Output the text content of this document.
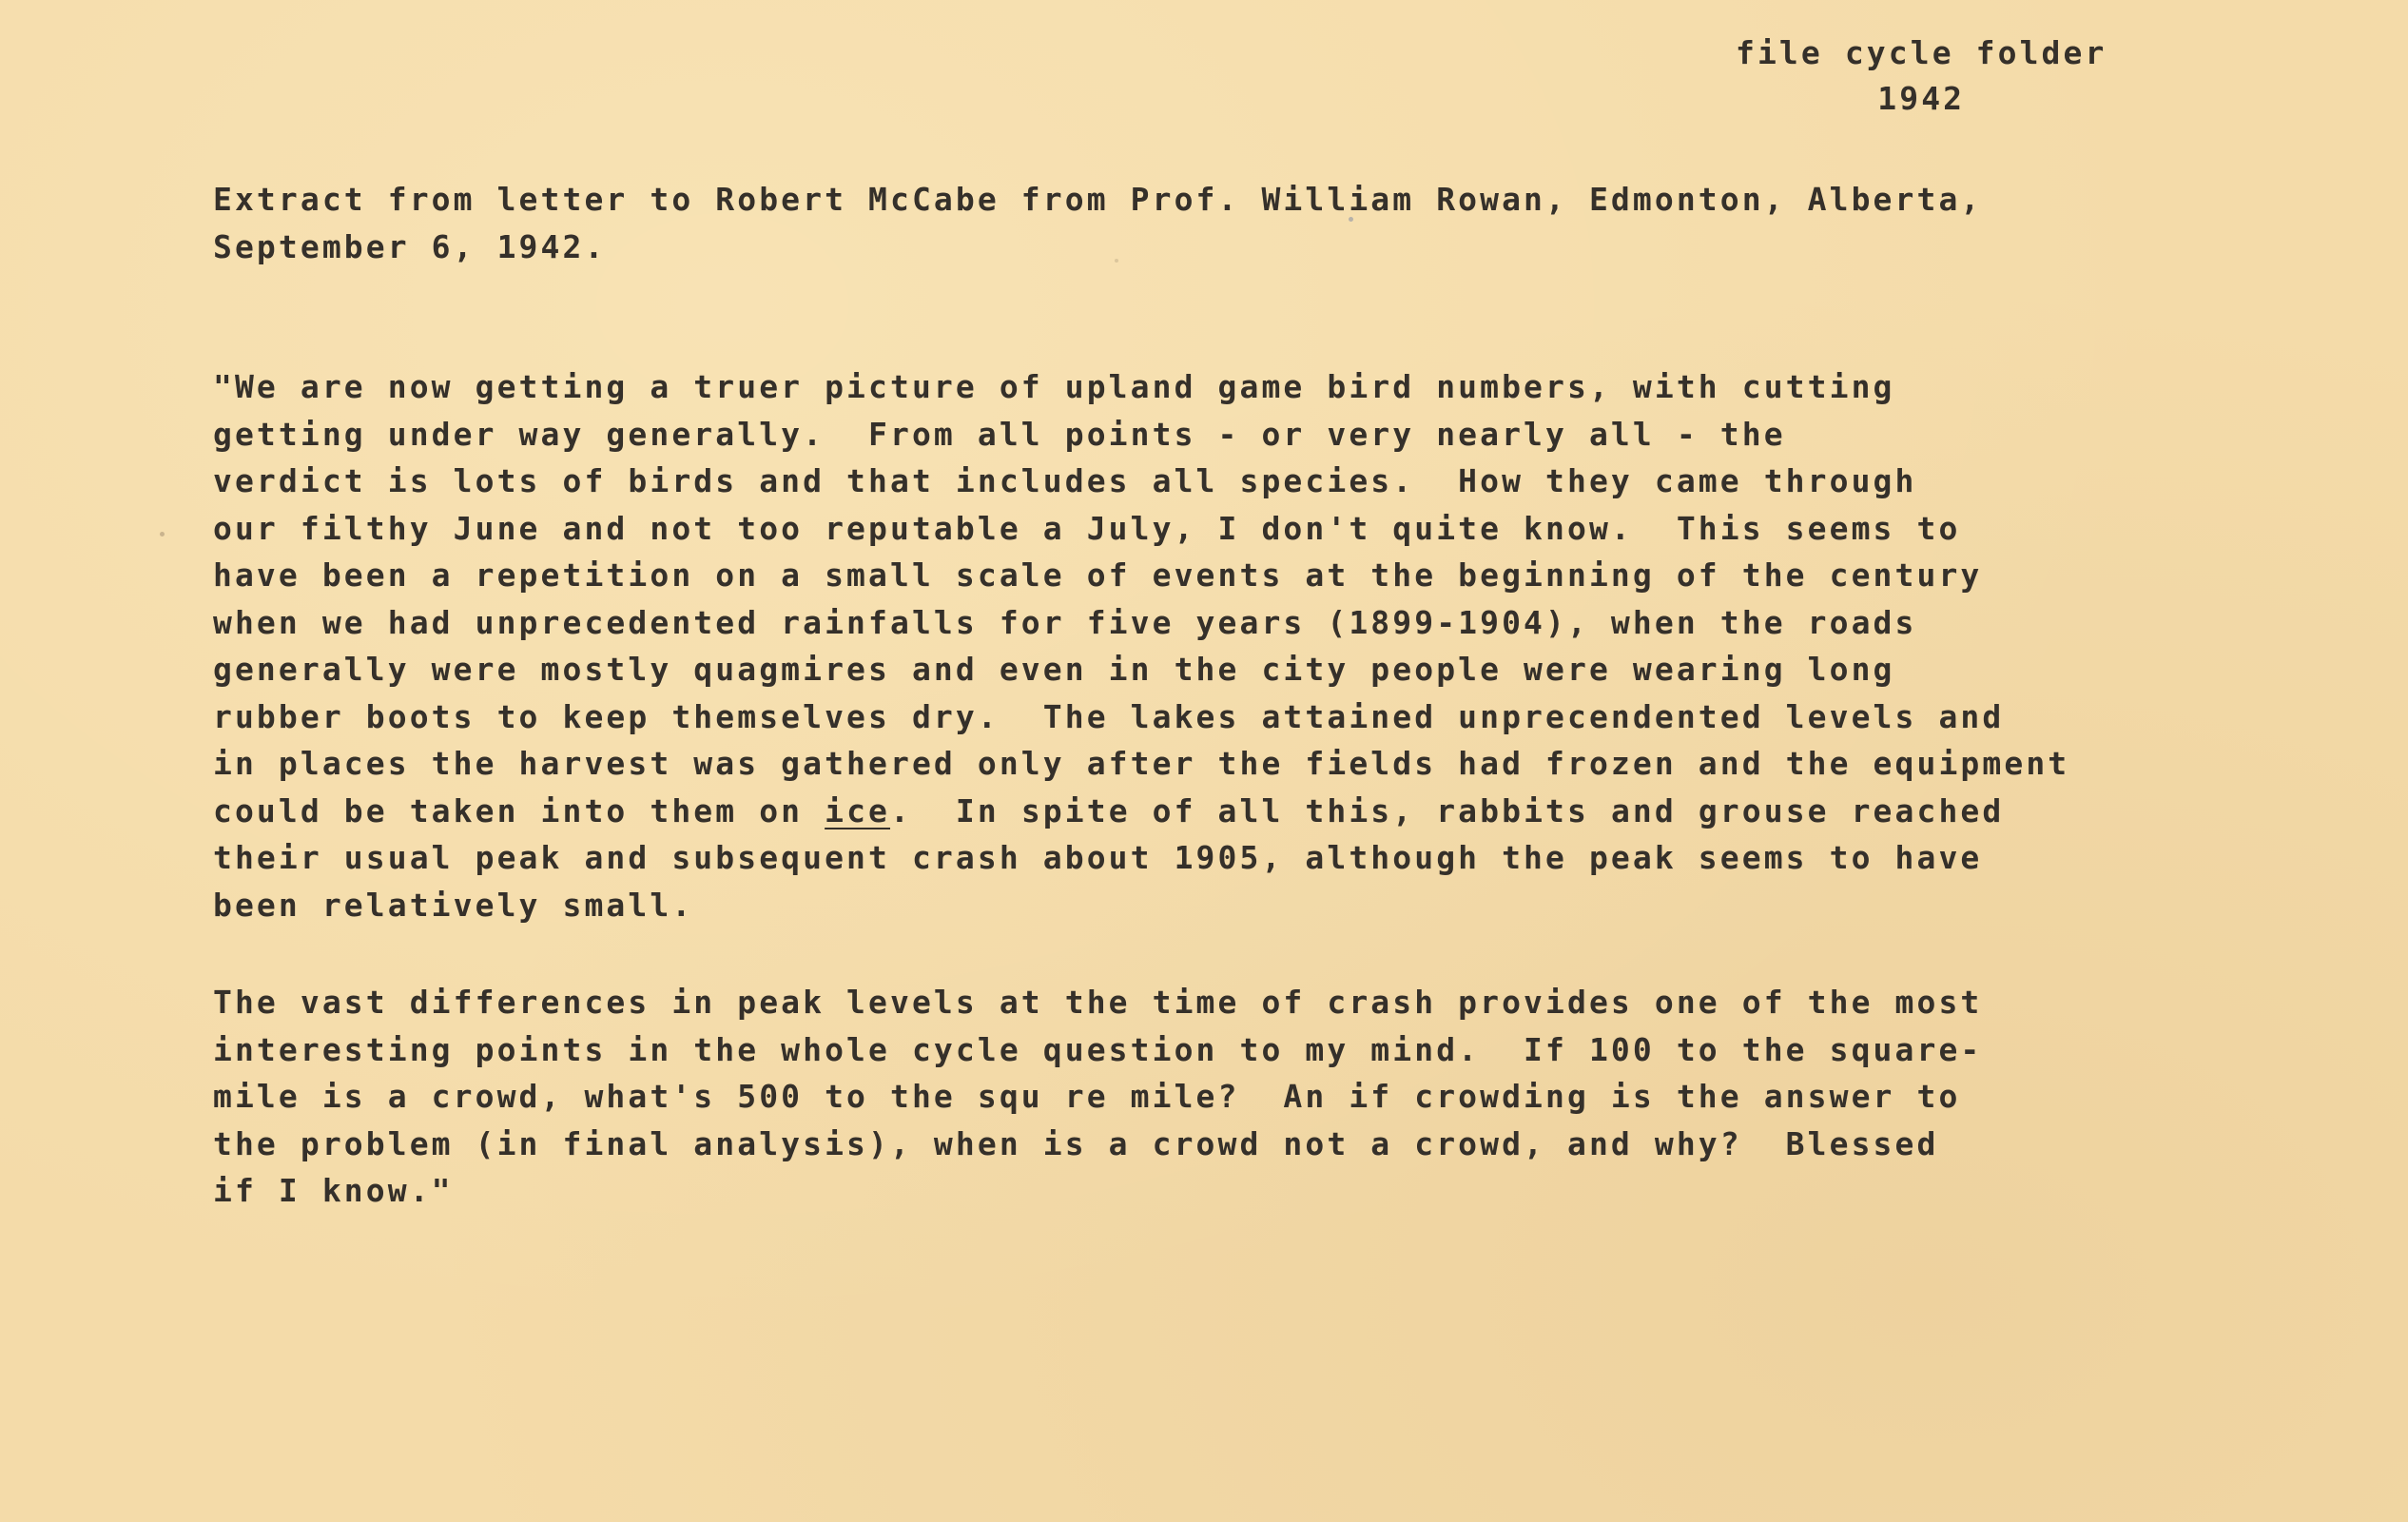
file cycle folder
1942
Extract from letter to Robert McCabe from Prof. William Rowan, Edmonton, Alberta,
September 6, 1942.
"We are now getting a truer picture of upland game bird numbers, with cutting
getting under way generally.  From all points - or very nearly all - the
verdict is lots of birds and that includes all species.  How they came through
our filthy June and not too reputable a July, I don't quite know.  This seems to
have been a repetition on a small scale of events at the beginning of the century
when we had unprecedented rainfalls for five years (1899-1904), when the roads
generally were mostly quagmires and even in the city people were wearing long
rubber boots to keep themselves dry.  The lakes attained unprecendented levels and
in places the harvest was gathered only after the fields had frozen and the equipment
could be taken into them on ice.  In spite of all this, rabbits and grouse reached
their usual peak and subsequent crash about 1905, although the peak seems to have
been relatively small.
The vast differences in peak levels at the time of crash provides one of the most
interesting points in the whole cycle question to my mind.  If 100 to the square-
mile is a crowd, what's 500 to the squ re mile?  An if crowding is the answer to
the problem (in final analysis), when is a crowd not a crowd, and why?  Blessed
if I know."
